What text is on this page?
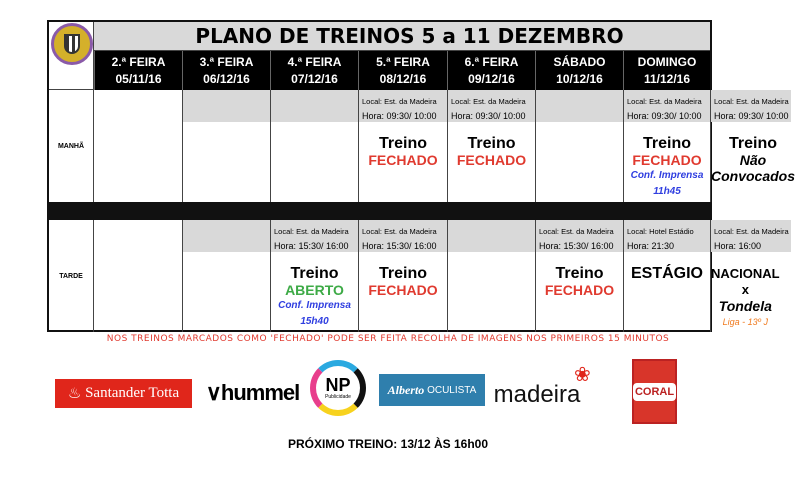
PLANO DE TREINOS 5 a 11 DEZEMBRO
2.ª FEIRA
05/11/16
3.ª FEIRA
06/12/16
4.ª FEIRA
07/12/16
5.ª FEIRA
08/12/16
6.ª FEIRA
09/12/16
SÁBADO
10/12/16
DOMINGO
11/12/16
MANHÃ
Local: Est. da Madeira
Hora: 09:30/ 10:00
Treino
FECHADO
Local: Est. da Madeira
Hora: 09:30/ 10:00
Treino
FECHADO
Local: Est. da Madeira
Hora: 09:30/ 10:00
Treino
FECHADO
Conf. Imprensa
11h45
Local: Est. da Madeira
Hora: 09:30/ 10:00
Treino
Não
Convocados
TARDE
Local: Est. da Madeira
Hora: 15:30/ 16:00
Treino
ABERTO
Conf. Imprensa
15h40
Local: Est. da Madeira
Hora: 15:30/ 16:00
Treino
FECHADO
Local: Est. da Madeira
Hora: 15:30/ 16:00
Treino
FECHADO
Local: Hotel Estádio
Hora: 21:30
ESTÁGIO
Local: Est. da Madeira
Hora: 16:00
NACIONAL
x
Tondela
Liga - 13º J
NOS TREINOS MARCADOS COMO 'FECHADO' PODE SER FEITA RECOLHA DE IMAGENS NOS PRIMEIROS 15 MINUTOS
♨ Santander Totta ∨ hummel NP
Publicidade
Alberto
OCULISTA madeira
❀
CORAL
PRÓXIMO TREINO: 13/12 ÀS 16h00
